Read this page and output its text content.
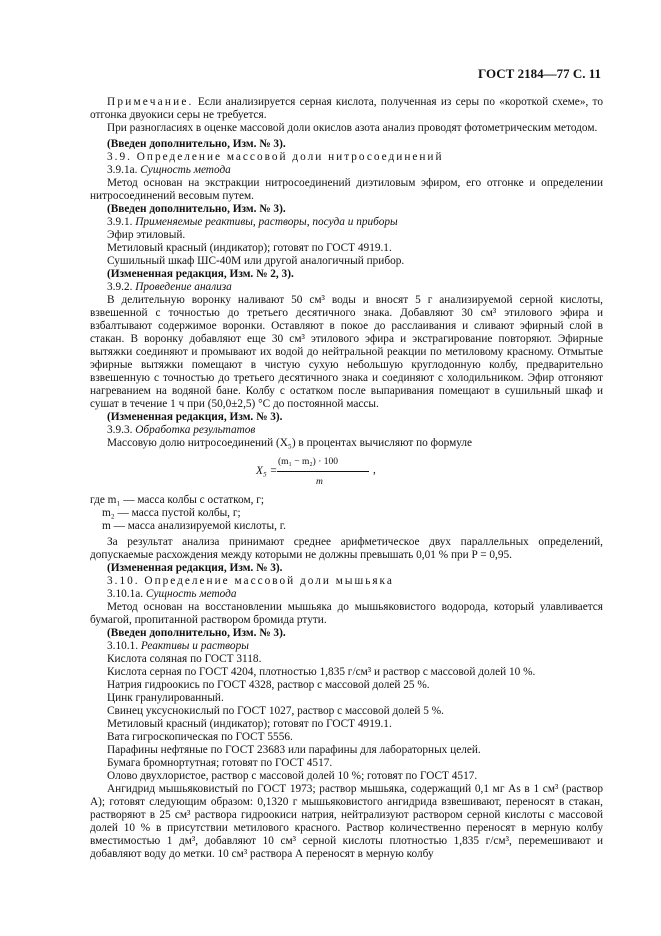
ГОСТ 2184—77 С. 11

Примечание. Если анализируется серная кислота, полученная из серы по «короткой схеме», то отгонка двуокиси серы не требуется.

При разногласиях в оценке массовой доли окислов азота анализ проводят фотометрическим методом.

(Введен дополнительно, Изм. № 3).

3.9. Определение массовой доли нитросоединений

3.9.1а. Сущность метода

Метод основан на экстракции нитросоединений диэтиловым эфиром, его отгонке и определении нитросоединений весовым путем.

(Введен дополнительно, Изм. № 3).

3.9.1. Применяемые реактивы, растворы, посуда и приборы

Эфир этиловый.

Метиловый красный (индикатор); готовят по ГОСТ 4919.1.

Сушильный шкаф ШС-40М или другой аналогичный прибор.

(Измененная редакция, Изм. № 2, 3).

3.9.2. Проведение анализа

В делительную воронку наливают 50 см³ воды и вносят 5 г анализируемой серной кислоты, взвешенной с точностью до третьего десятичного знака. Добавляют 30 см³ этилового эфира и взбалтывают содержимое воронки. Оставляют в покое до расслаивания и сливают эфирный слой в стакан. В воронку добавляют еще 30 см³ этилового эфира и экстрагирование повторяют. Эфирные вытяжки соединяют и промывают их водой до нейтральной реакции по метиловому красному. Отмытые эфирные вытяжки помещают в чистую сухую небольшую круглодонную колбу, предварительно взвешенную с точностью до третьего десятичного знака и соединяют с холодильником. Эфир отгоняют нагреванием на водяной бане. Колбу с остатком после выпаривания помещают в сушильный шкаф и сушат в течение 1 ч при (50,0±2,5) °С до постоянной массы.

(Измененная редакция, Изм. № 3).

3.9.3. Обработка результатов

Массовую долю нитросоединений (X₅) в процентах вычисляют по формуле

X₅ =
(m₁ − m₂) · 100
m
,

где m₁ — масса колбы с остатком, г;

m₂ — масса пустой колбы, г;

m — масса анализируемой кислоты, г.

За результат анализа принимают среднее арифметическое двух параллельных определений, допускаемые расхождения между которыми не должны превышать 0,01 % при P = 0,95.

(Измененная редакция, Изм. № 3).

3.10. Определение массовой доли мышьяка

3.10.1а. Сущность метода

Метод основан на восстановлении мышьяка до мышьяковистого водорода, который улавливается бумагой, пропитанной раствором бромида ртути.

(Введен дополнительно, Изм. № 3).

3.10.1. Реактивы и растворы

Кислота соляная по ГОСТ 3118.

Кислота серная по ГОСТ 4204, плотностью 1,835 г/см³ и раствор с массовой долей 10 %.

Натрия гидроокись по ГОСТ 4328, раствор с массовой долей 25 %.

Цинк гранулированный.

Свинец уксуснокислый по ГОСТ 1027, раствор с массовой долей 5 %.

Метиловый красный (индикатор); готовят по ГОСТ 4919.1.

Вата гигроскопическая по ГОСТ 5556.

Парафины нефтяные по ГОСТ 23683 или парафины для лабораторных целей.

Бумага бромнортутная; готовят по ГОСТ 4517.

Олово двухлористое, раствор с массовой долей 10 %; готовят по ГОСТ 4517.

Ангидрид мышьяковистый по ГОСТ 1973; раствор мышьяка, содержащий 0,1 мг As в 1 см³ (раствор А); готовят следующим образом: 0,1320 г мышьяковистого ангидрида взвешивают, переносят в стакан, растворяют в 25 см³ раствора гидроокиси натрия, нейтрализуют раствором серной кислоты с массовой долей 10 % в присутствии метилового красного. Раствор количественно переносят в мерную колбу вместимостью 1 дм³, добавляют 10 см³ серной кислоты плотностью 1,835 г/см³, перемешивают и добавляют воду до метки. 10 см³ раствора А переносят в мерную колбу
